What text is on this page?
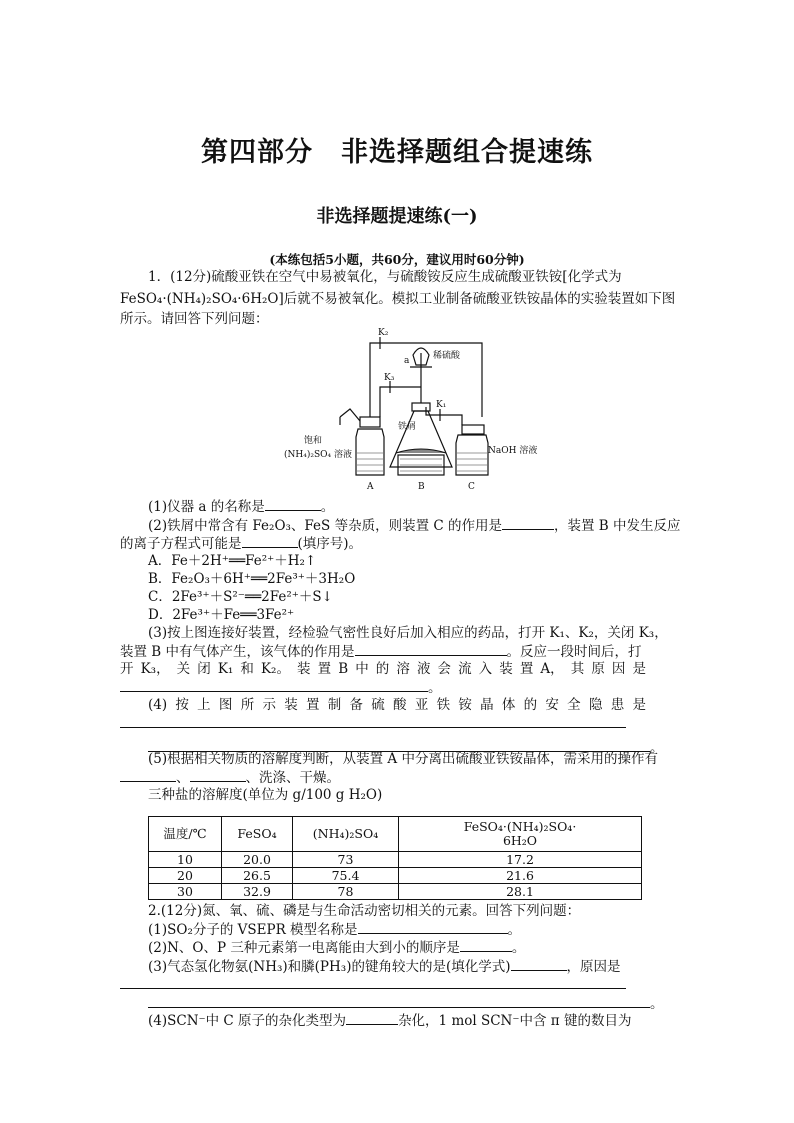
第四部分　非选择题组合提速练
非选择题提速练(一)
(本练包括5小题，共60分，建议用时60分钟)
1．(12分)硫酸亚铁在空气中易被氧化，与硫酸铵反应生成硫酸亚铁铵[化学式为
FeSO₄·(NH₄)₂SO₄·6H₂O]后就不易被氧化。模拟工业制备硫酸亚铁铵晶体的实验装置如下图
所示。请回答下列问题：
K₂
a	稀硫酸
K₃
K₁
铁屑
饱和
(NH₄)₂SO₄ 溶液	NaOH 溶液
A	B	C
(1)仪器 a 的名称是	。
(2)铁屑中常含有 Fe₂O₃、FeS 等杂质，则装置 C 的作用是	，装置 B 中发生反应
的离子方程式可能是	(填序号)。
A．Fe＋2H⁺══Fe²⁺＋H₂↑
B．Fe₂O₃＋6H⁺══2Fe³⁺＋3H₂O
C．2Fe³⁺＋S²⁻══2Fe²⁺＋S↓
D．2Fe³⁺＋Fe══3Fe²⁺
(3)按上图连接好装置，经检验气密性良好后加入相应的药品，打开 K₁、K₂，关闭 K₃，
装置 B 中有气体产生，该气体的作用是	。反应一段时间后，打
开 K₃， 关 闭 K₁ 和 K₂。 装 置 B 中 的 溶 液 会 流 入 装 置 A， 其 原 因 是
。
(4) 按 上 图 所 示 装 置 制 备 硫 酸 亚 铁 铵 晶 体 的 安 全 隐 患 是
。
(5)根据相关物质的溶解度判断，从装置 A 中分离出硫酸亚铁铵晶体，需采用的操作有
、	、洗涤、干燥。
三种盐的溶解度(单位为 g/100 g H₂O)
温度/℃	FeSO₄	(NH₄)₂SO₄	FeSO₄·(NH₄)₂SO₄·
6H₂O
10	20.0	73	17.2
20	26.5	75.4	21.6
30	32.9	78	28.1
2.(12分)氮、氧、硫、磷是与生命活动密切相关的元素。回答下列问题：
(1)SO₂分子的 VSEPR 模型名称是	。
(2)N、O、P 三种元素第一电离能由大到小的顺序是	。
(3)气态氢化物氨(NH₃)和膦(PH₃)的键角较大的是(填化学式)	，原因是
。
(4)SCN⁻中 C 原子的杂化类型为	杂化，1 mol SCN⁻中含 π 键的数目为
